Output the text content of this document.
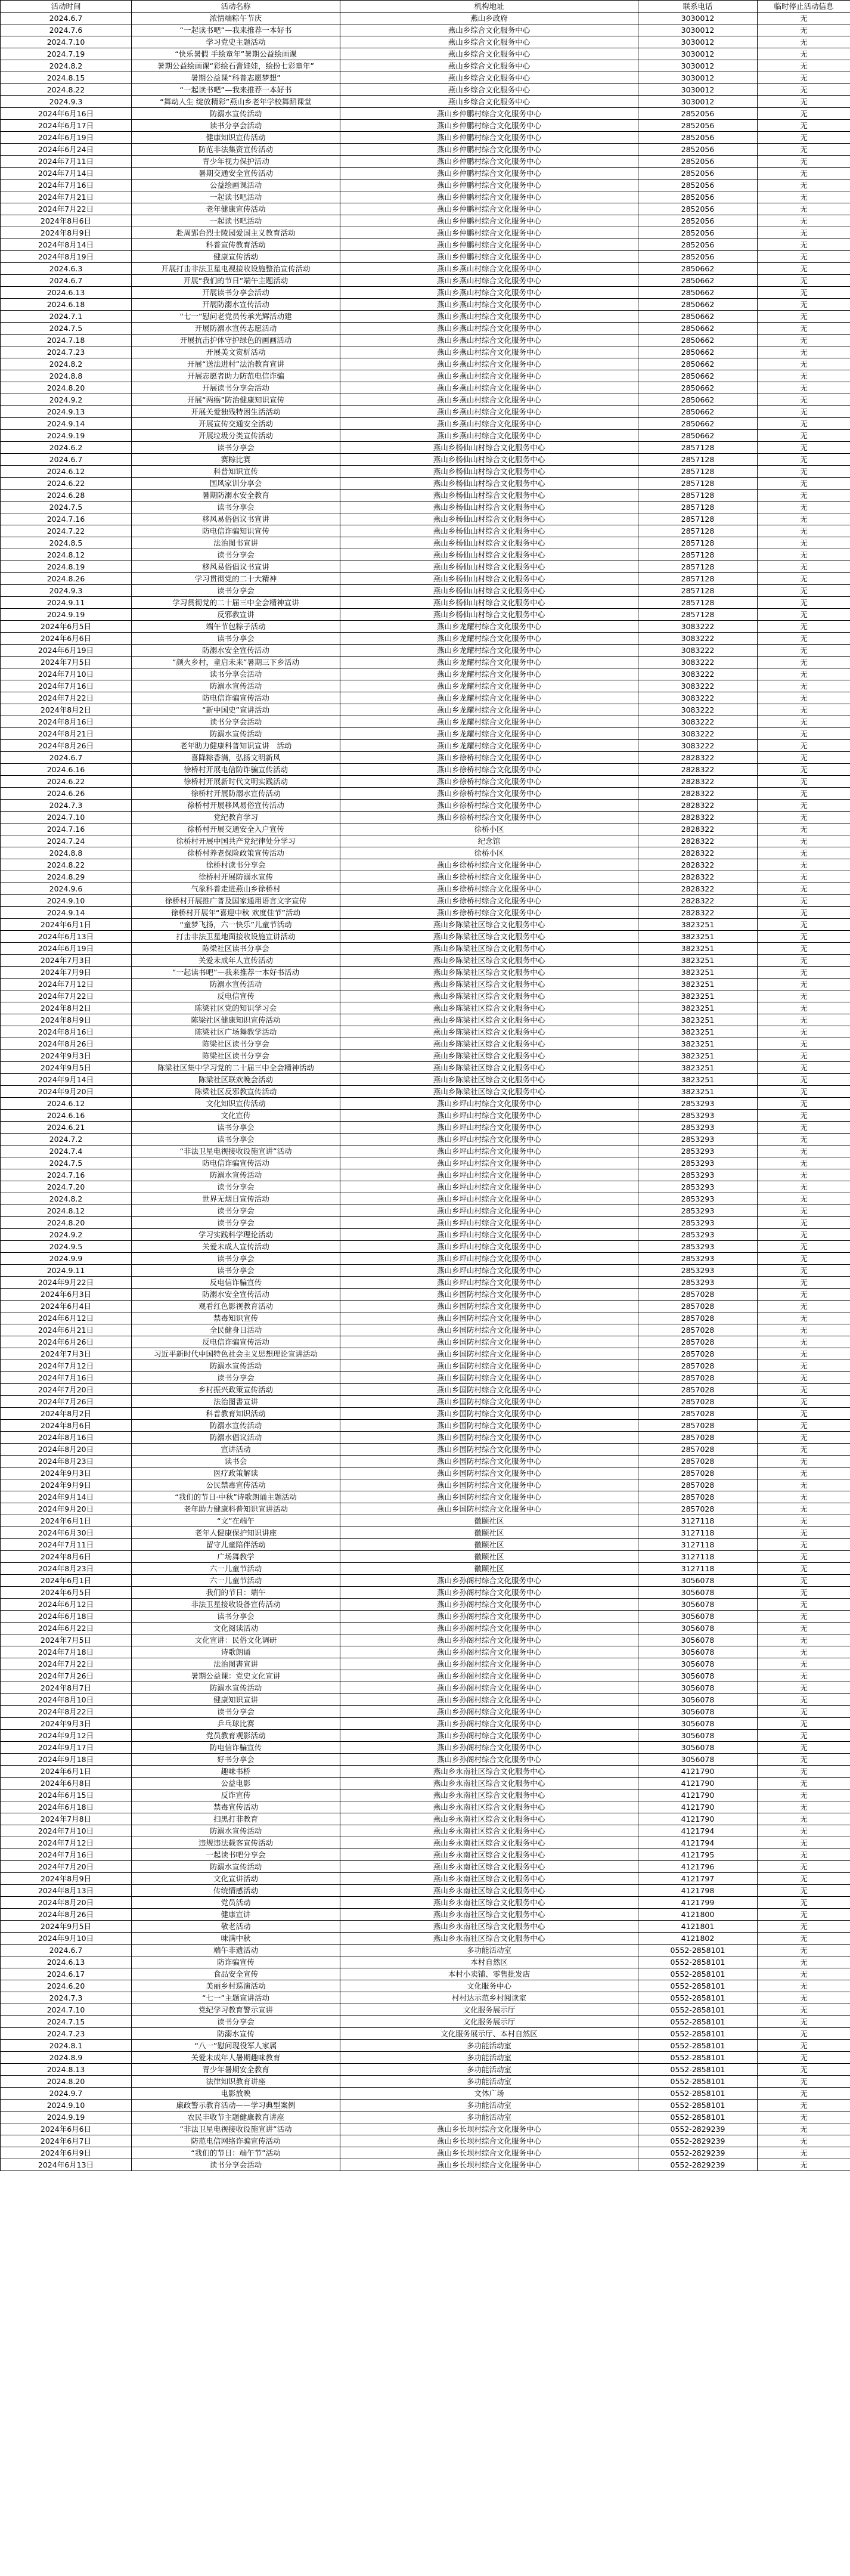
活动时间	活动名称	机构地址	联系电话	临时停止活动信息
2024.6.7	浓情端粽午节庆	燕山乡政府	3030012	无
2024.7.6	“一起读书吧”—我来推荐一本好书	燕山乡综合文化服务中心	3030012	无
2024.7.10	学习党史主题活动	燕山乡综合文化服务中心	3030012	无
2024.7.19	“快乐暑假 手绘童年”暑期公益绘画课	燕山乡综合文化服务中心	3030012	无
2024.8.2	暑期公益绘画课“彩绘石膏娃娃，绘扮七彩童年”	燕山乡综合文化服务中心	3030012	无
2024.8.15	暑期公益课“科普志愿梦想”	燕山乡综合文化服务中心	3030012	无
2024.8.22	“一起读书吧”—我来推荐一本好书	燕山乡综合文化服务中心	3030012	无
2024.9.3	“舞动人生 绽放精彩”燕山乡老年学校舞蹈课堂	燕山乡综合文化服务中心	3030012	无
2024年6月16日	防溺水宣传活动	燕山乡仲鹏村综合文化服务中心	2852056	无
2024年6月17日	读书分享会活动	燕山乡仲鹏村综合文化服务中心	2852056	无
2024年6月19日	健康知识宣传活动	燕山乡仲鹏村综合文化服务中心	2852056	无
2024年6月24日	防范非法集资宣传活动	燕山乡仲鹏村综合文化服务中心	2852056	无
2024年7月11日	青少年视力保护活动	燕山乡仲鹏村综合文化服务中心	2852056	无
2024年7月14日	暑期交通安全宣传活动	燕山乡仲鹏村综合文化服务中心	2852056	无
2024年7月16日	公益绘画课活动	燕山乡仲鹏村综合文化服务中心	2852056	无
2024年7月21日	一起读书吧活动	燕山乡仲鹏村综合文化服务中心	2852056	无
2024年7月22日	老年健康宣传活动	燕山乡仲鹏村综合文化服务中心	2852056	无
2024年8月6日	一起读书吧活动	燕山乡仲鹏村综合文化服务中心	2852056	无
2024年8月9日	赴周郢台烈士陵园爱国主义教育活动	燕山乡仲鹏村综合文化服务中心	2852056	无
2024年8月14日	科普宣传教育活动	燕山乡仲鹏村综合文化服务中心	2852056	无
2024年8月19日	健康宣传活动	燕山乡仲鹏村综合文化服务中心	2852056	无
2024.6.3	开展打击非法卫星电视接收设施整治宣传活动	燕山乡燕山村综合文化服务中心	2850662	无
2024.6.7	开展“我们的节日”端午主题活动	燕山乡燕山村综合文化服务中心	2850662	无
2024.6.13	开展读书分享会活动	燕山乡燕山村综合文化服务中心	2850662	无
2024.6.18	开展防溺水宣传活动	燕山乡燕山村综合文化服务中心	2850662	无
2024.7.1	“七一”慰问老党员传承光辉活动建	燕山乡燕山村综合文化服务中心	2850662	无
2024.7.5	开展防溺水宣传志愿活动	燕山乡燕山村综合文化服务中心	2850662	无
2024.7.18	开展抗击护体守护绿色的画画活动	燕山乡燕山村综合文化服务中心	2850662	无
2024.7.23	开展美文赏析活动	燕山乡燕山村综合文化服务中心	2850662	无
2024.8.2	开展“送法进村”法治教育宣讲	燕山乡燕山村综合文化服务中心	2850662	无
2024.8.8	开展志愿者助力防范电信诈骗	燕山乡燕山村综合文化服务中心	2850662	无
2024.8.20	开展读书分享会活动	燕山乡燕山村综合文化服务中心	2850662	无
2024.9.2	开展“两癌”防治健康知识宣传	燕山乡燕山村综合文化服务中心	2850662	无
2024.9.13	开展关爱独残特困生活活动	燕山乡燕山村综合文化服务中心	2850662	无
2024.9.14	开展宣传交通安全活动	燕山乡燕山村综合文化服务中心	2850662	无
2024.9.19	开展垃圾分类宣传活动	燕山乡燕山村综合文化服务中心	2850662	无
2024.6.2	读书分享会	燕山乡杨仙山村综合文化服务中心	2857128	无
2024.6.7	赛粽比赛	燕山乡杨仙山村综合文化服务中心	2857128	无
2024.6.12	科普知识宣传	燕山乡杨仙山村综合文化服务中心	2857128	无
2024.6.22	国风家训分享会	燕山乡杨仙山村综合文化服务中心	2857128	无
2024.6.28	暑期防溺水安全教育	燕山乡杨仙山村综合文化服务中心	2857128	无
2024.7.5	读书分享会	燕山乡杨仙山村综合文化服务中心	2857128	无
2024.7.16	移风易俗倡议书宣讲	燕山乡杨仙山村综合文化服务中心	2857128	无
2024.7.22	防电信诈骗知识宣传	燕山乡杨仙山村综合文化服务中心	2857128	无
2024.8.5	法治图书宣讲	燕山乡杨仙山村综合文化服务中心	2857128	无
2024.8.12	读书分享会	燕山乡杨仙山村综合文化服务中心	2857128	无
2024.8.19	移风易俗倡议书宣讲	燕山乡杨仙山村综合文化服务中心	2857128	无
2024.8.26	学习贯彻党的二十大精神	燕山乡杨仙山村综合文化服务中心	2857128	无
2024.9.3	读书分享会	燕山乡杨仙山村综合文化服务中心	2857128	无
2024.9.11	学习贯彻党的二十届三中全会精神宣讲	燕山乡杨仙山村综合文化服务中心	2857128	无
2024.9.19	反邪教宣讲	燕山乡杨仙山村综合文化服务中心	2857128	无
2024年6月5日	端午节包粽子活动	燕山乡龙耀村综合文化服务中心	3083222	无
2024年6月6日	读书分享会	燕山乡龙耀村综合文化服务中心	3083222	无
2024年6月19日	防溺水安全宣传活动	燕山乡龙耀村综合文化服务中心	3083222	无
2024年7月5日	“颜火乡村，童启未来”暑期三下乡活动	燕山乡龙耀村综合文化服务中心	3083222	无
2024年7月10日	读书分享会活动	燕山乡龙耀村综合文化服务中心	3083222	无
2024年7月16日	防溺水宣传活动	燕山乡龙耀村综合文化服务中心	3083222	无
2024年7月22日	防电信诈骗宣传活动	燕山乡龙耀村综合文化服务中心	3083222	无
2024年8月2日	“新中国史”宣讲活动	燕山乡龙耀村综合文化服务中心	3083222	无
2024年8月16日	读书分享会活动	燕山乡龙耀村综合文化服务中心	3083222	无
2024年8月21日	防溺水宣传活动	燕山乡龙耀村综合文化服务中心	3083222	无
2024年8月26日	老年助力健康科普知识宣讲　活动	燕山乡龙耀村综合文化服务中心	3083222	无
2024.6.7	喜降粽香满，弘扬文明新风	燕山乡徐桥村综合文化服务中心	2828322	无
2024.6.16	徐桥村开展电信防诈骗宣传活动	燕山乡徐桥村综合文化服务中心	2828322	无
2024.6.22	徐桥村开展新时代文明实践活动	燕山乡徐桥村综合文化服务中心	2828322	无
2024.6.26	徐桥村开展防溺水宣传活动	燕山乡徐桥村综合文化服务中心	2828322	无
2024.7.3	徐桥村开展移风易俗宣传活动	燕山乡徐桥村综合文化服务中心	2828322	无
2024.7.10	党纪教育学习	燕山乡徐桥村综合文化服务中心	2828322	无
2024.7.16	徐桥村开展交通安全入户宣传	徐桥小区	2828322	无
2024.7.24	徐桥村开展中国共产党纪律处分学习	纪念馆	2828322	无
2024.8.8	徐桥村养老保险政策宣传活动	徐桥小区	2828322	无
2024.8.22	徐桥村读书分享会	燕山乡徐桥村综合文化服务中心	2828322	无
2024.8.29	徐桥村开展防溺水宣传	燕山乡徐桥村综合文化服务中心	2828322	无
2024.9.6	气象科普走进燕山乡徐桥村	燕山乡徐桥村综合文化服务中心	2828322	无
2024.9.10	徐桥村开展推广普及国家通用语言文字宣传	燕山乡徐桥村综合文化服务中心	2828322	无
2024.9.14	徐桥村开展年“喜迎中秋 欢度佳节”活动	燕山乡徐桥村综合文化服务中心	2828322	无
2024年6月1日	“童梦飞扬，六一快乐”儿童节活动	燕山乡陈梁社区综合文化服务中心	3823251	无
2024年6月13日	打击非法卫星地面接收设施宣讲活动	燕山乡陈梁社区综合文化服务中心	3823251	无
2024年6月19日	陈梁社区读书分享会	燕山乡陈梁社区综合文化服务中心	3823251	无
2024年7月3日	关爱未成年人宣传活动	燕山乡陈梁社区综合文化服务中心	3823251	无
2024年7月9日	“一起读书吧”—我来推荐一本好书活动	燕山乡陈梁社区综合文化服务中心	3823251	无
2024年7月12日	防溺水宣传活动	燕山乡陈梁社区综合文化服务中心	3823251	无
2024年7月22日	反电信宣传	燕山乡陈梁社区综合文化服务中心	3823251	无
2024年8月2日	陈梁社区党的知识学习会	燕山乡陈梁社区综合文化服务中心	3823251	无
2024年8月9日	陈梁社区健康知识宣传活动	燕山乡陈梁社区综合文化服务中心	3823251	无
2024年8月16日	陈梁社区广场舞教学活动	燕山乡陈梁社区综合文化服务中心	3823251	无
2024年8月26日	陈梁社区读书分享会	燕山乡陈梁社区综合文化服务中心	3823251	无
2024年9月3日	陈梁社区读书分享会	燕山乡陈梁社区综合文化服务中心	3823251	无
2024年9月5日	陈梁社区集中学习党的二十届三中全会精神活动	燕山乡陈梁社区综合文化服务中心	3823251	无
2024年9月14日	陈梁社区联欢晚会活动	燕山乡陈梁社区综合文化服务中心	3823251	无
2024年9月20日	陈梁社区反邪教宣传活动	燕山乡陈梁社区综合文化服务中心	3823251	无
2024.6.12	文化知识宣传活动	燕山乡坪山村综合文化服务中心	2853293	无
2024.6.16	文化宣传	燕山乡坪山村综合文化服务中心	2853293	无
2024.6.21	读书分享会	燕山乡坪山村综合文化服务中心	2853293	无
2024.7.2	读书分享会	燕山乡坪山村综合文化服务中心	2853293	无
2024.7.4	“非法卫星电视接收设施宣讲”活动	燕山乡坪山村综合文化服务中心	2853293	无
2024.7.5	防电信诈骗宣传活动	燕山乡坪山村综合文化服务中心	2853293	无
2024.7.16	防溺水宣传活动	燕山乡坪山村综合文化服务中心	2853293	无
2024.7.20	读书分享会	燕山乡坪山村综合文化服务中心	2853293	无
2024.8.2	世界无烟日宣传活动	燕山乡坪山村综合文化服务中心	2853293	无
2024.8.12	读书分享会	燕山乡坪山村综合文化服务中心	2853293	无
2024.8.20	读书分享会	燕山乡坪山村综合文化服务中心	2853293	无
2024.9.2	学习实践科学理论活动	燕山乡坪山村综合文化服务中心	2853293	无
2024.9.5	关爱未成人宣传活动	燕山乡坪山村综合文化服务中心	2853293	无
2024.9.9	读书分享会	燕山乡坪山村综合文化服务中心	2853293	无
2024.9.11	读书分享会	燕山乡坪山村综合文化服务中心	2853293	无
2024年9月22日	反电信诈骗宣传	燕山乡坪山村综合文化服务中心	2853293	无
2024年6月3日	防溺水安全宣传活动	燕山乡国防村综合文化服务中心	2857028	无
2024年6月4日	观看红色影视教育活动	燕山乡国防村综合文化服务中心	2857028	无
2024年6月12日	禁毒知识宣传	燕山乡国防村综合文化服务中心	2857028	无
2024年6月21日	全民健身日活动	燕山乡国防村综合文化服务中心	2857028	无
2024年6月26日	反电信诈骗宣传活动	燕山乡国防村综合文化服务中心	2857028	无
2024年7月3日	习近平新时代中国特色社会主义思想理论宣讲活动	燕山乡国防村综合文化服务中心	2857028	无
2024年7月12日	防溺水宣传活动	燕山乡国防村综合文化服务中心	2857028	无
2024年7月16日	读书分享会	燕山乡国防村综合文化服务中心	2857028	无
2024年7月20日	乡村振兴政策宣传活动	燕山乡国防村综合文化服务中心	2857028	无
2024年7月26日	法治图書宣讲	燕山乡国防村综合文化服务中心	2857028	无
2024年8月2日	科普教育知识活动	燕山乡国防村综合文化服务中心	2857028	无
2024年8月6日	防溺水宣传活动	燕山乡国防村综合文化服务中心	2857028	无
2024年8月16日	防溺水倡议活动	燕山乡国防村综合文化服务中心	2857028	无
2024年8月20日	宣讲活动	燕山乡国防村综合文化服务中心	2857028	无
2024年8月23日	读书会	燕山乡国防村综合文化服务中心	2857028	无
2024年9月3日	医疗政策解读	燕山乡国防村综合文化服务中心	2857028	无
2024年9月9日	公民禁毒宣传活动	燕山乡国防村综合文化服务中心	2857028	无
2024年9月14日	“我们的节日·中秋”诗歌朗诵主题活动	燕山乡国防村综合文化服务中心	2857028	无
2024年9月20日	老年助力健康科普知识宣讲活动	燕山乡国防村综合文化服务中心	2857028	无
2024年6月1日	“文”在端午	徽颐社区	3127118	无
2024年6月30日	老年人健康保护知识讲座	徽颐社区	3127118	无
2024年7月11日	留守儿童陪伴活动	徽颐社区	3127118	无
2024年8月6日	广场舞教学	徽颐社区	3127118	无
2024年8月23日	六一儿童节活动	徽颐社区	3127118	无
2024年6月1日	六一儿童节活动	燕山乡孙阁村综合文化服务中心	3056078	无
2024年6月5日	我们的节日：端午	燕山乡孙阁村综合文化服务中心	3056078	无
2024年6月12日	非法卫星接收设备宣传活动	燕山乡孙阁村综合文化服务中心	3056078	无
2024年6月18日	读书分享会	燕山乡孙阁村综合文化服务中心	3056078	无
2024年6月22日	文化阅读活动	燕山乡孙阁村综合文化服务中心	3056078	无
2024年7月5日	文化宣讲：民俗文化调研	燕山乡孙阁村综合文化服务中心	3056078	无
2024年7月18日	诗歌朗诵	燕山乡孙阁村综合文化服务中心	3056078	无
2024年7月22日	法治图書宣讲	燕山乡孙阁村综合文化服务中心	3056078	无
2024年7月26日	暑期公益课：党史文化宣讲	燕山乡孙阁村综合文化服务中心	3056078	无
2024年8月7日	防溺水宣传活动	燕山乡孙阁村综合文化服务中心	3056078	无
2024年8月10日	健康知识宣讲	燕山乡孙阁村综合文化服务中心	3056078	无
2024年8月22日	读书分享会	燕山乡孙阁村综合文化服务中心	3056078	无
2024年9月3日	乒乓球比赛	燕山乡孙阁村综合文化服务中心	3056078	无
2024年9月12日	党员教育观影活动	燕山乡孙阁村综合文化服务中心	3056078	无
2024年9月17日	防电信诈骗宣传	燕山乡孙阁村综合文化服务中心	3056078	无
2024年9月18日	好书分享会	燕山乡孙阁村综合文化服务中心	3056078	无
2024年6月1日	趣味书桥	燕山乡永南社区综合文化服务中心	4121790	无
2024年6月8日	公益电影	燕山乡永南社区综合文化服务中心	4121790	无
2024年6月15日	反诈宣传	燕山乡永南社区综合文化服务中心	4121790	无
2024年6月18日	禁毒宣传活动	燕山乡永南社区综合文化服务中心	4121790	无
2024年7月8日	扫黑打非教育	燕山乡永南社区综合文化服务中心	4121790	无
2024年7月10日	防溺水宣传活动	燕山乡永南社区综合文化服务中心	4121794	无
2024年7月12日	违规违法载客宣传活动	燕山乡永南社区综合文化服务中心	4121794	无
2024年7月16日	一起读书吧分享会	燕山乡永南社区综合文化服务中心	4121795	无
2024年7月20日	防溺水宣传活动	燕山乡永南社区综合文化服务中心	4121796	无
2024年8月9日	文化宣讲活动	燕山乡永南社区综合文化服务中心	4121797	无
2024年8月13日	传统情感活动	燕山乡永南社区综合文化服务中心	4121798	无
2024年8月20日	党员活动	燕山乡永南社区综合文化服务中心	4121799	无
2024年8月26日	健康宣讲	燕山乡永南社区综合文化服务中心	4121800	无
2024年9月5日	敬老活动	燕山乡永南社区综合文化服务中心	4121801	无
2024年9月10日	味满中秋	燕山乡永南社区综合文化服务中心	4121802	无
2024.6.7	端午非遗活动	多功能活动室	0552-2858101	无
2024.6.13	防诈骗宣传	本村自然区	0552-2858101	无
2024.6.17	食品安全宣传	本村小卖铺、零售批发店	0552-2858101	无
2024.6.20	美丽乡村巡演活动	文化服务中心	0552-2858101	无
2024.7.3	“七一”主题宣讲活动	村村达示范乡村阅读室	0552-2858101	无
2024.7.10	党纪学习教育警示宣讲	文化服务展示厅	0552-2858101	无
2024.7.15	读书分享会	文化服务展示厅	0552-2858101	无
2024.7.23	防溺水宣传	文化服务展示厅、本村自然区	0552-2858101	无
2024.8.1	“八一”慰问现役军人家属	多功能活动室	0552-2858101	无
2024.8.9	关爱未成年人暑期趣味教育	多功能活动室	0552-2858101	无
2024.8.13	青少年暑期安全教育	多功能活动室	0552-2858101	无
2024.8.20	法律知识教育讲座	多功能活动室	0552-2858101	无
2024.9.7	电影放映	文体广场	0552-2858101	无
2024.9.10	廉政警示教育活动——学习典型案例	多功能活动室	0552-2858101	无
2024.9.19	农民丰收节主题健康教育讲座	多功能活动室	0552-2858101	无
2024年6月6日	“非法卫星电视接收设施宣讲”活动	燕山乡长坝村综合文化服务中心	0552-2829239	无
2024年6月7日	防范电信网络诈骗宣传活动	燕山乡长坝村综合文化服务中心	0552-2829239	无
2024年6月9日	“我们的节日：端午节”活动	燕山乡长坝村综合文化服务中心	0552-2829239	无
2024年6月13日	读书分享会活动	燕山乡长坝村综合文化服务中心	0552-2829239	无
